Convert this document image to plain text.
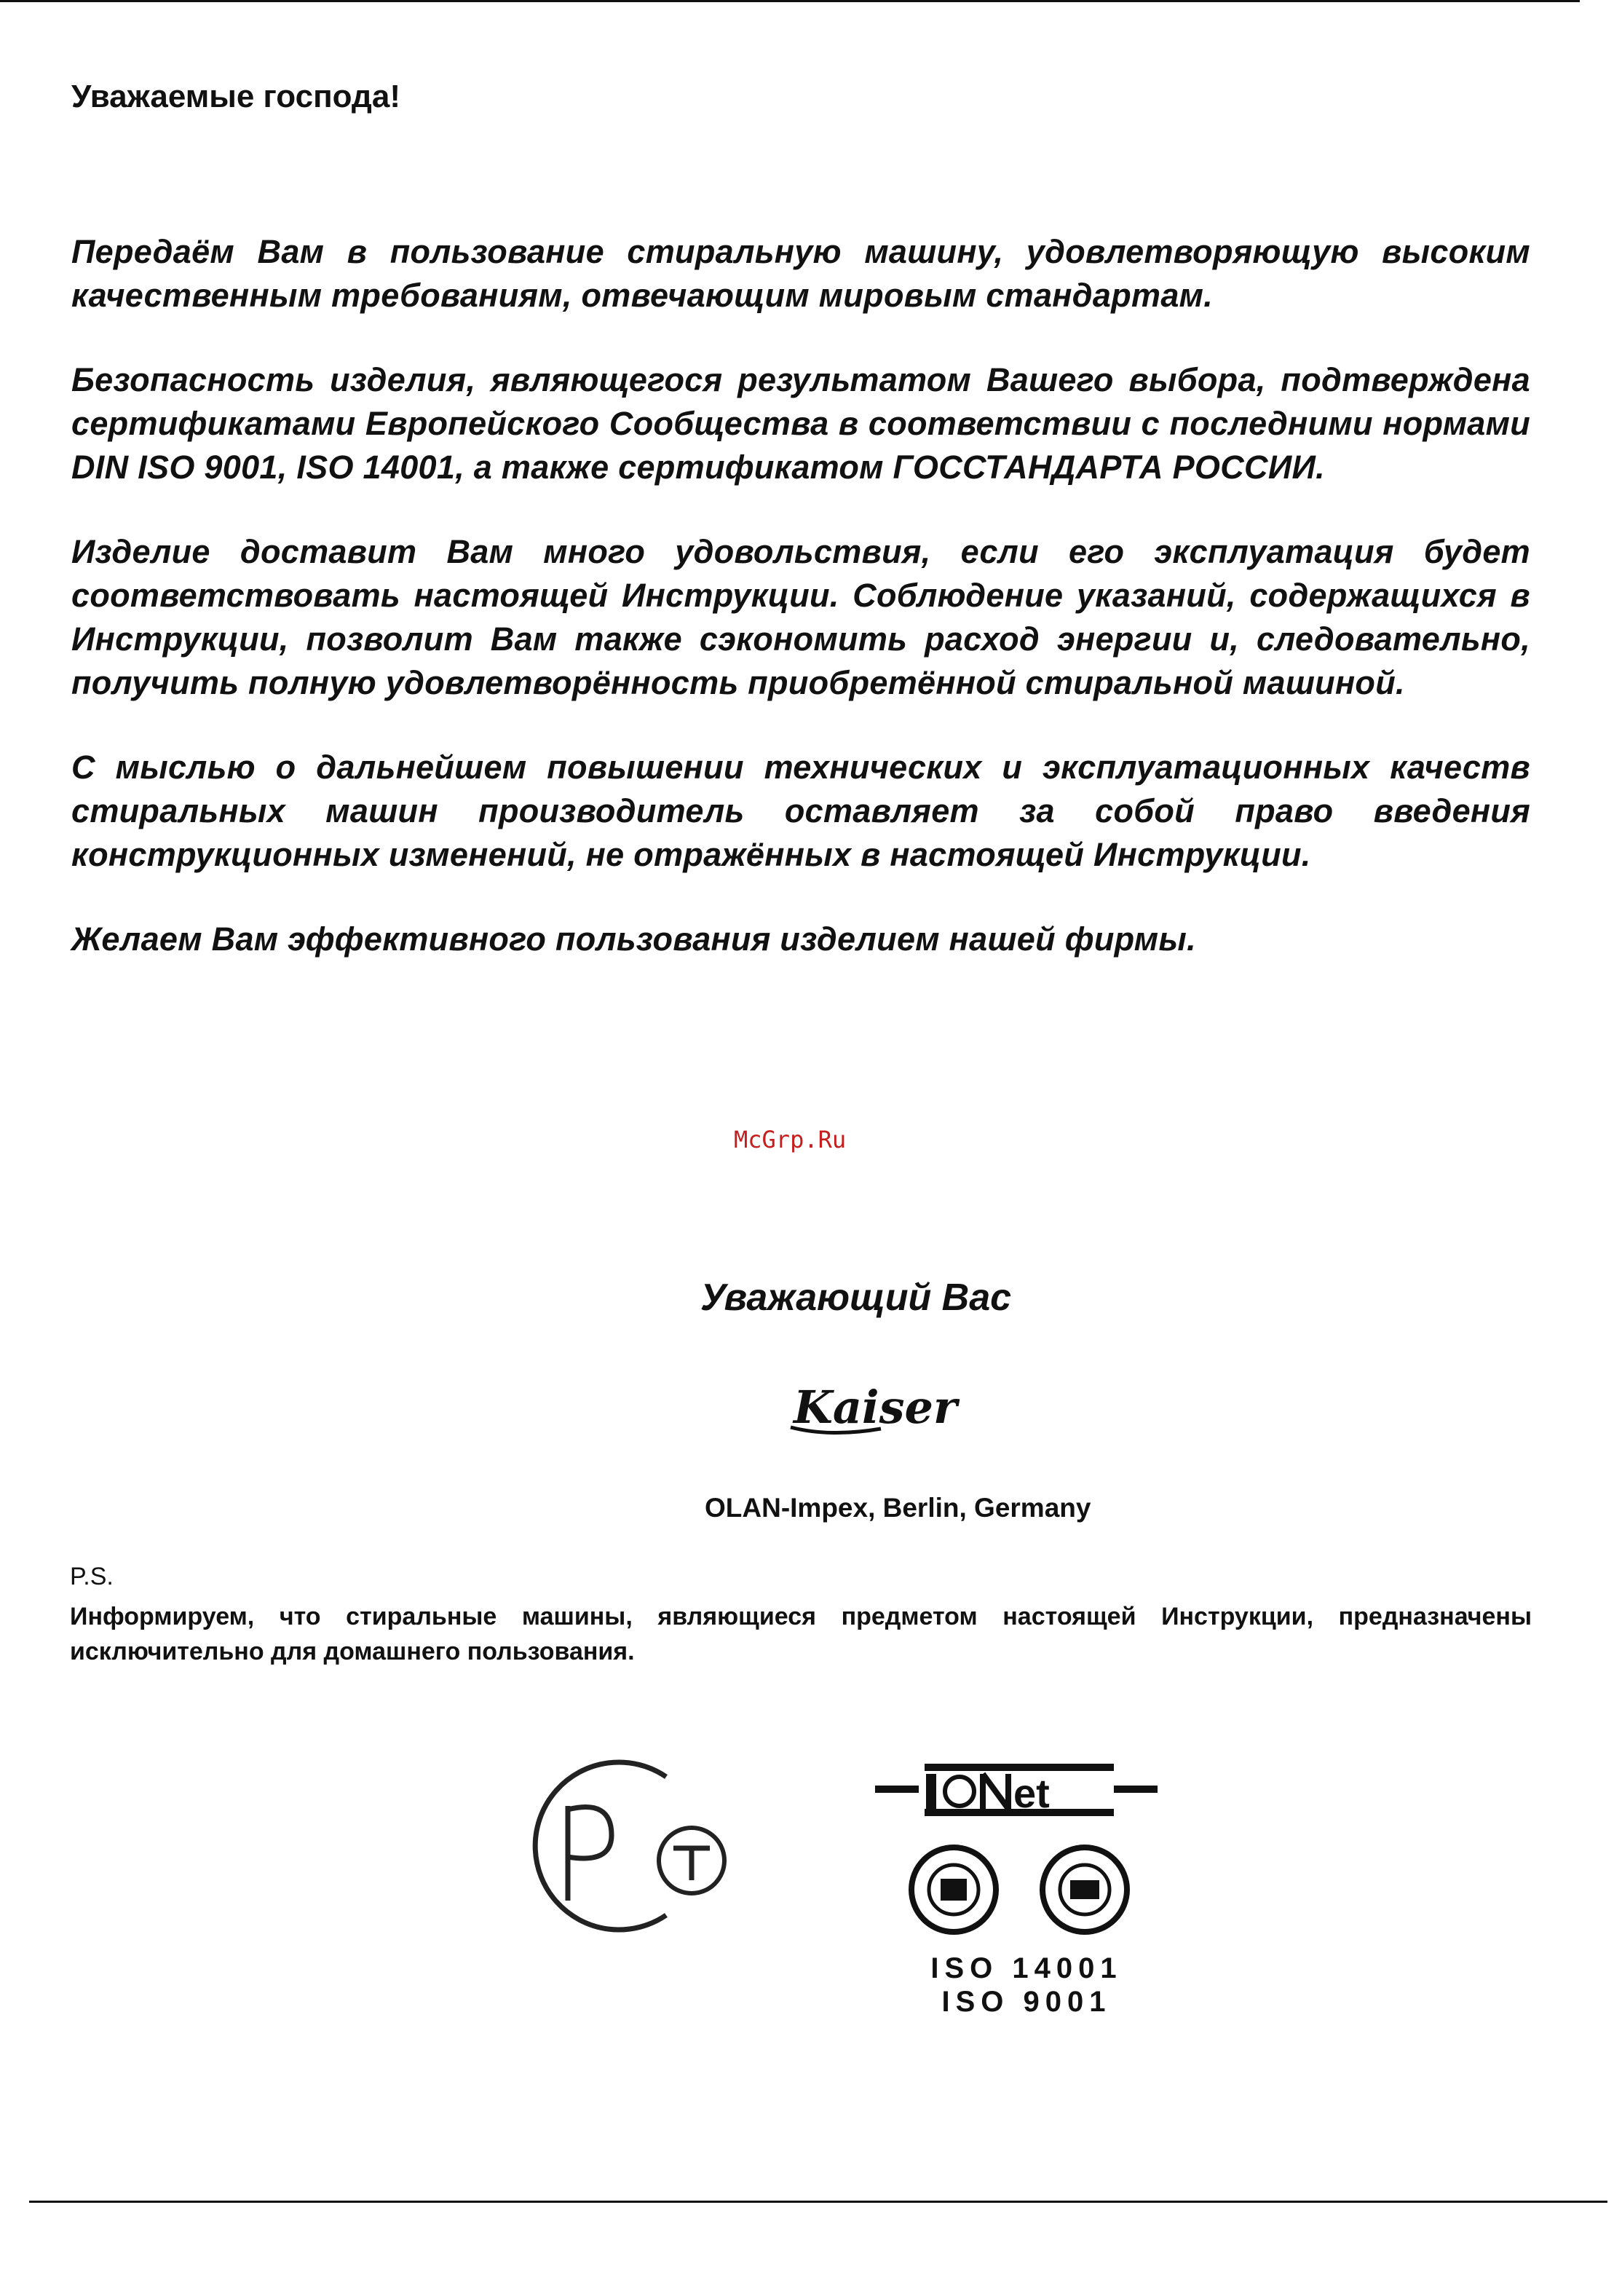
Уважаемые господа!

Передаём Вам в пользование стиральную машину, удовлетворяющую высоким качественным требованиям, отвечающим мировым стандартам.

Безопасность изделия, являющегося результатом Вашего выбора, подтверждена сертификатами Европейского Сообщества в соответствии с последними нормами DIN ISO 9001, ISO 14001, а также сертификатом ГОССТАНДАРТА РОССИИ.

Изделие доставит Вам много удовольствия, если его эксплуатация будет соответствовать настоящей Инструкции. Соблюдение указаний, содержащихся в Инструкции, позволит Вам также сэкономить расход энергии и, следовательно, получить полную удовлетворённость приобретённой стиральной машиной.

С мыслью о дальнейшем повышении технических и эксплуатационных качеств стиральных машин производитель оставляет за собой право введения конструкционных изменений, не отражённых в настоящей Инструкции.

Желаем Вам эффективного пользования изделием нашей фирмы.

McGrp.Ru

Уважающий Вас

Kaiser

OLAN-Impex, Berlin, Germany

P.S.

Информируем, что стиральные машины, являющиеся предметом настоящей Инструкции, предназначены исключительно для домашнего пользования.

et
ISO 14001
ISO 9001
